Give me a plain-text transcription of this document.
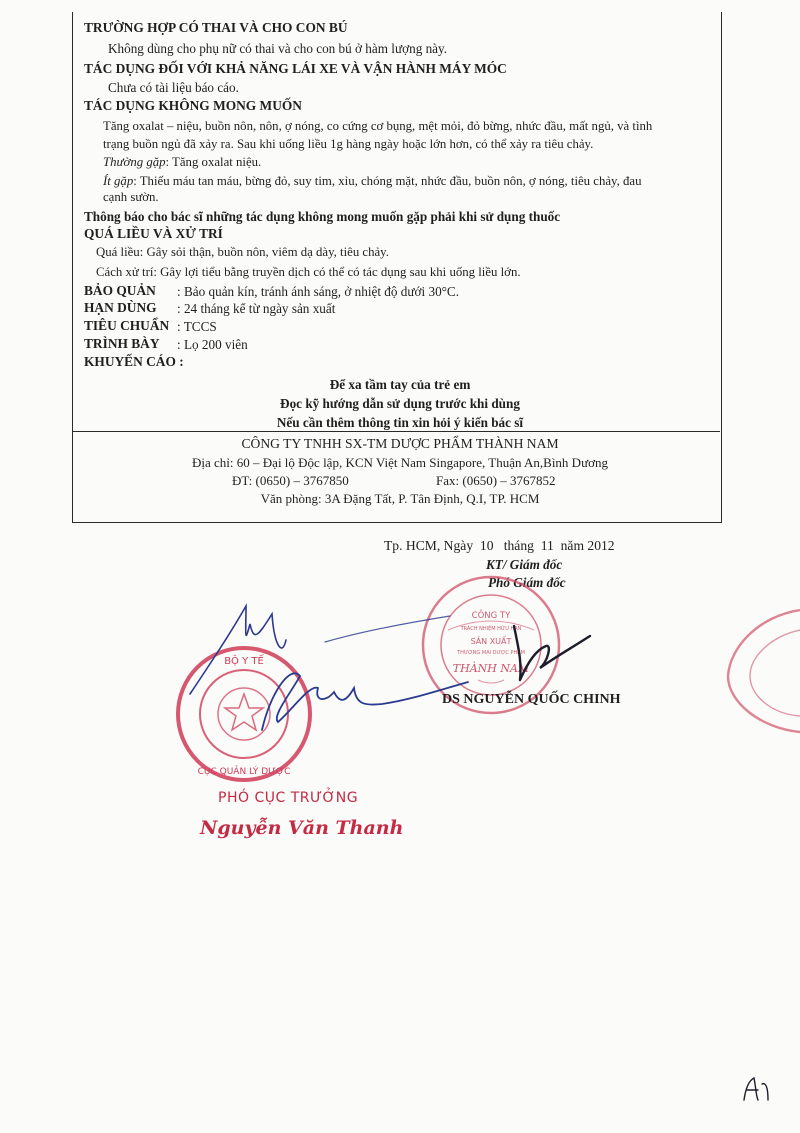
TRƯỜNG HỢP CÓ THAI VÀ CHO CON BÚ
Không dùng cho phụ nữ có thai và cho con bú ở hàm lượng này.
TÁC DỤNG ĐỐI VỚI KHẢ NĂNG LÁI XE VÀ VẬN HÀNH MÁY MÓC
Chưa có tài liệu báo cáo.
TÁC DỤNG KHÔNG MONG MUỐN
Tăng oxalat – niệu, buồn nôn, nôn, ợ nóng, co cứng cơ bụng, mệt mỏi, đỏ bừng, nhức đầu, mất ngủ, và tình
trạng buồn ngủ đã xảy ra. Sau khi uống liều 1g hàng ngày hoặc lớn hơn, có thể xảy ra tiêu chảy.
Thường gặp: Tăng oxalat niệu.
Ít gặp: Thiếu máu tan máu, bừng đỏ, suy tim, xỉu, chóng mặt, nhức đầu, buồn nôn, ợ nóng, tiêu chảy, đau
cạnh sườn.
Thông báo cho bác sĩ những tác dụng không mong muốn gặp phải khi sử dụng thuốc
QUÁ LIỀU VÀ XỬ TRÍ
Quá liều: Gây sỏi thận, buồn nôn, viêm dạ dày, tiêu chảy.
Cách xử trí: Gây lợi tiểu bằng truyền dịch có thể có tác dụng sau khi uống liều lớn.
BẢO QUẢN : Bảo quản kín, tránh ánh sáng, ở nhiệt độ dưới 30°C.
HẠN DÙNG : 24 tháng kể từ ngày sản xuất
TIÊU CHUẨN : TCCS
TRÌNH BÀY : Lọ 200 viên
KHUYẾN CÁO :
Để xa tầm tay của trẻ em
Đọc kỹ hướng dẫn sử dụng trước khi dùng
Nếu cần thêm thông tin xin hỏi ý kiến bác sĩ
CÔNG TY TNHH SX-TM DƯỢC PHẨM THÀNH NAM
Địa chỉ: 60 – Đại lộ Độc lập, KCN Việt Nam Singapore, Thuận An,Bình Dương
ĐT: (0650) – 3767850	Fax: (0650) – 3767852
Văn phòng: 3A Đặng Tất, P. Tân Định, Q.I, TP. HCM
Tp. HCM, Ngày 10 tháng 11 năm 2012
KT/ Giám đốc
Phó Giám đốc
CÔNG TY
TRÁCH NHIỆM HỮU HẠN
SẢN XUẤT
THƯƠNG MẠI DƯỢC PHẨM
THÀNH NAM
DS NGUYỄN QUỐC CHINH
BỘ Y TẾ
CỤC QUẢN LÝ DƯỢC
PHÓ CỤC TRƯỞNG
Nguyễn Văn Thanh
